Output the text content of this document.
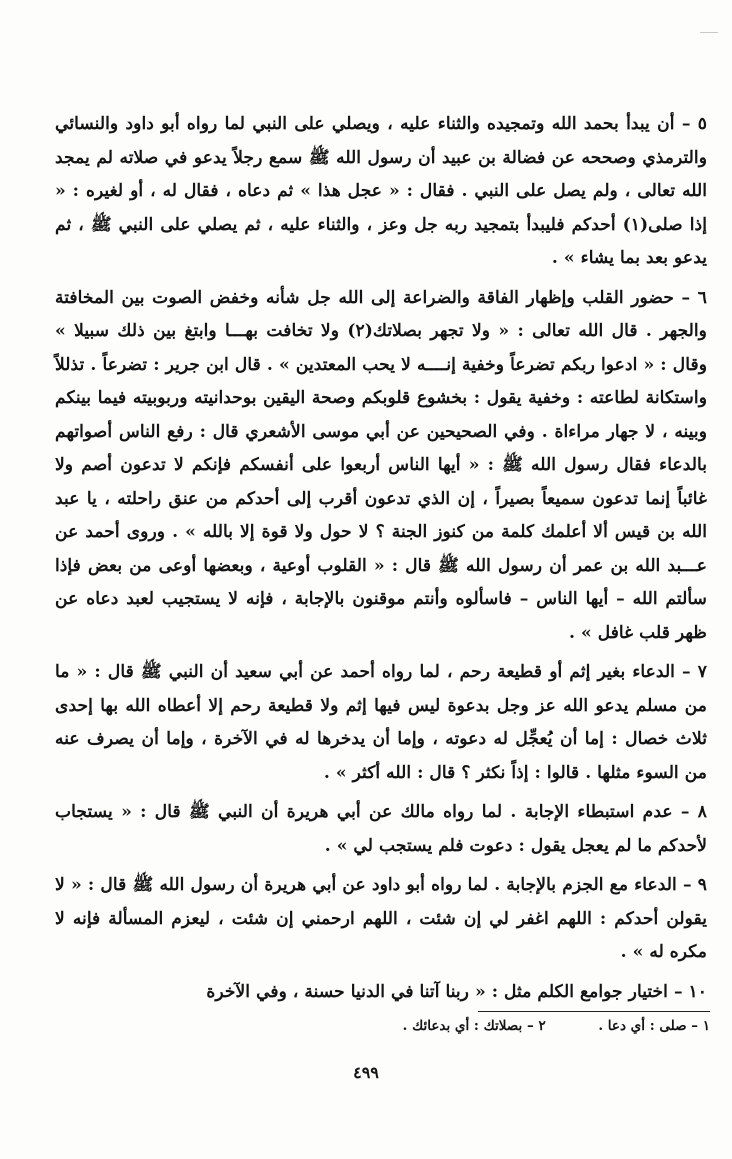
٥ – أن يبدأ بحمد الله وتمجيده والثناء عليه ، ويصلي على النبي لما رواه أبو داود والنسائي والترمذي وصححه عن فضالة بن عبيد أن رسول الله ﷺ سمع رجلاً يدعو في صلاته لم يمجد الله تعالى ، ولم يصل على النبي . فقال : « عجل هذا » ثم دعاه ، فقال له ، أو لغيره : « إذا صلى(١) أحدكم فليبدأ بتمجيد ربه جل وعز ، والثناء عليه ، ثم يصلي على النبي ﷺ ، ثم يدعو بعد بما يشاء » .

٦ – حضور القلب وإظهار الفاقة والضراعة إلى الله جل شأنه وخفض الصوت بين المخافتة والجهر . قال الله تعالى : « ولا تجهر بصلاتك(٢) ولا تخافت بهـــا وابتغ بين ذلك سبيلا » وقال : « ادعوا ربكم تضرعاً وخفية إنــــه لا يحب المعتدين » . قال ابن جرير : تضرعاً . تذللاً واستكانة لطاعته : وخفية يقول : بخشوع قلوبكم وصحة اليقين بوحدانيته وربوبيته فيما بينكم وبينه ، لا جهار مراءاة . وفي الصحيحين عن أبي موسى الأشعري قال : رفع الناس أصواتهم بالدعاء فقال رسول الله ﷺ : « أيها الناس أربعوا على أنفسكم فإنكم لا تدعون أصم ولا غائباً إنما تدعون سميعاً بصيراً ، إن الذي تدعون أقرب إلى أحدكم من عنق راحلته ، يا عبد الله بن قيس ألا أعلمك كلمة من كنوز الجنة ؟ لا حول ولا قوة إلا بالله » . وروى أحمد عن عـــبد الله بن عمر أن رسول الله ﷺ قال : « القلوب أوعية ، وبعضها أوعى من بعض فإذا سألتم الله – أيها الناس – فاسألوه وأنتم موقنون بالإجابة ، فإنه لا يستجيب لعبد دعاه عن ظهر قلب غافل » .

٧ – الدعاء بغير إثم أو قطيعة رحم ، لما رواه أحمد عن أبي سعيد أن النبي ﷺ قال : « ما من مسلم يدعو الله عز وجل بدعوة ليس فيها إثم ولا قطيعة رحم إلا أعطاه الله بها إحدى ثلاث خصال : إما أن يُعجِّل له دعوته ، وإما أن يدخرها له في الآخرة ، وإما أن يصرف عنه من السوء مثلها . قالوا : إذاً نكثر ؟ قال : الله أكثر » .

٨ – عدم استبطاء الإجابة . لما رواه مالك عن أبي هريرة أن النبي ﷺ قال : « يستجاب لأحدكم ما لم يعجل يقول : دعوت فلم يستجب لي » .

٩ – الدعاء مع الجزم بالإجابة . لما رواه أبو داود عن أبي هريرة أن رسول الله ﷺ قال : « لا يقولن أحدكم : اللهم اغفر لي إن شئت ، اللهم ارحمني إن شئت ، ليعزم المسألة فإنه لا مكره له » .

١٠ – اختيار جوامع الكلم مثل : « ربنا آتنا في الدنيا حسنة ، وفي الآخرة

١ – صلى : أي دعا . ٢ – بصلاتك : أي بدعائك .
٤٩٩
